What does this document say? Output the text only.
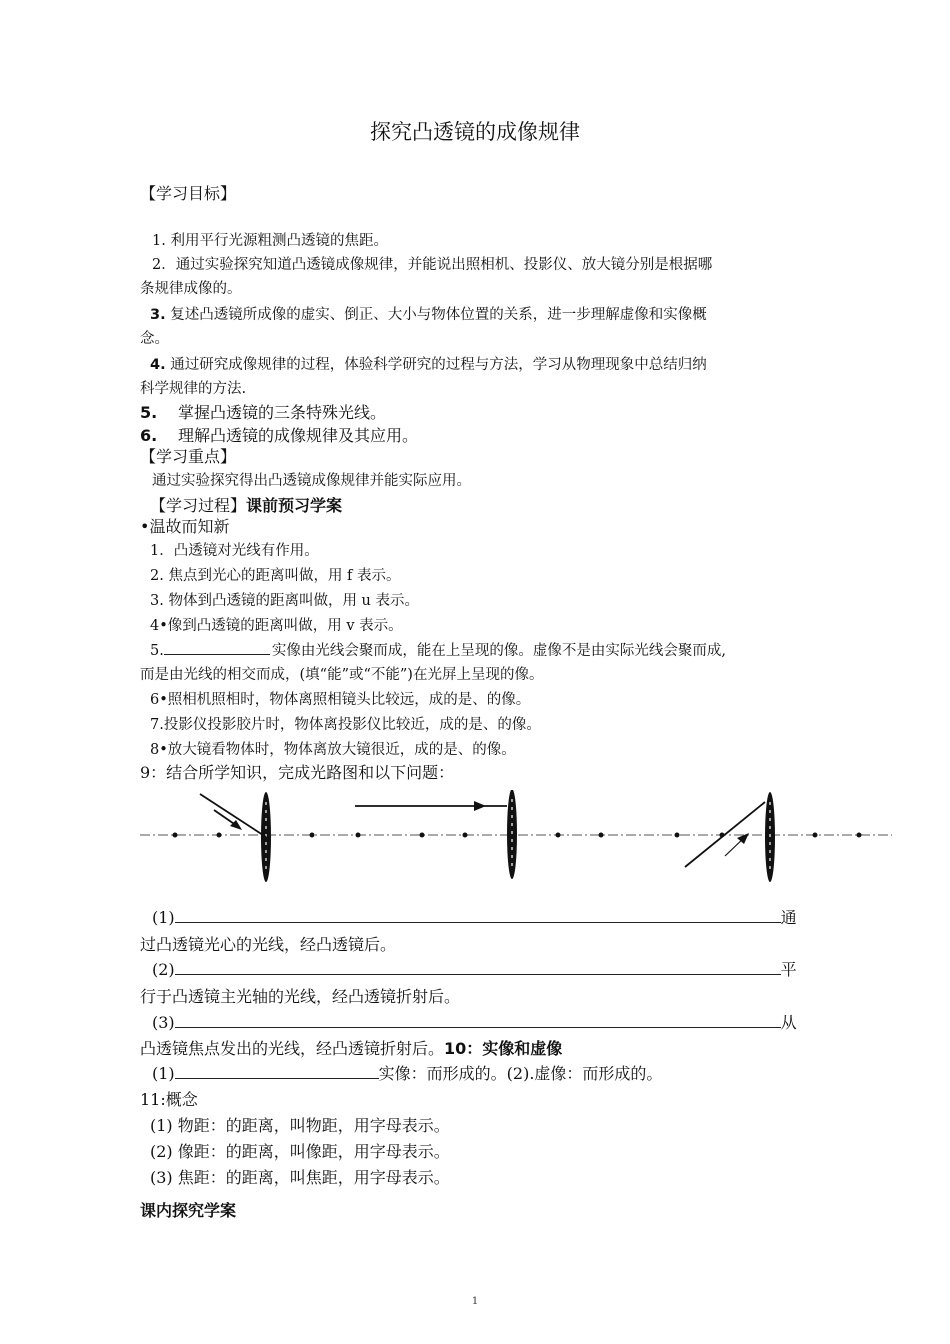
探究凸透镜的成像规律
【学习目标】
1. 利用平行光源粗测凸透镜的焦距。
2．通过实验探究知道凸透镜成像规律，并能说出照相机、投影仪、放大镜分别是根据哪
条规律成像的。
3. 复述凸透镜所成像的虚实、倒正、大小与物体位置的关系，进一步理解虚像和实像概
念。
4. 通过研究成像规律的过程，体验科学研究的过程与方法，学习从物理现象中总结归纳
科学规律的方法.
5. 掌握凸透镜的三条特殊光线。
6. 理解凸透镜的成像规律及其应用。
【学习重点】
通过实验探究得出凸透镜成像规律并能实际应用。
【学习过程】课前预习学案
•温故而知新
1．凸透镜对光线有作用。
2. 焦点到光心的距离叫做，用 f 表示。
3. 物体到凸透镜的距离叫做，用 u 表示。
4•像到凸透镜的距离叫做，用 v 表示。
5.	实像由光线会聚而成，能在上呈现的像。虚像不是由实际光线会聚而成,
而是由光线的相交而成，(填“能”或“不能”)在光屏上呈现的像。
6•照相机照相时，物体离照相镜头比较远，成的是、的像。
7.投影仪投影胶片时，物体离投影仪比较近，成的是、的像。
8•放大镜看物体时，物体离放大镜很近，成的是、的像。
9：结合所学知识，完成光路图和以下问题：
(1)	通
过凸透镜光心的光线，经凸透镜后。
(2)	平
行于凸透镜主光轴的光线，经凸透镜折射后。
(3)	从
凸透镜焦点发出的光线，经凸透镜折射后。10：实像和虚像
(1)	实像：而形成的。(2).虚像：而形成的。
11:概念
(1) 物距：的距离，叫物距，用字母表示。
(2) 像距：的距离，叫像距，用字母表示。
(3) 焦距：的距离，叫焦距，用字母表示。
课内探究学案
1
